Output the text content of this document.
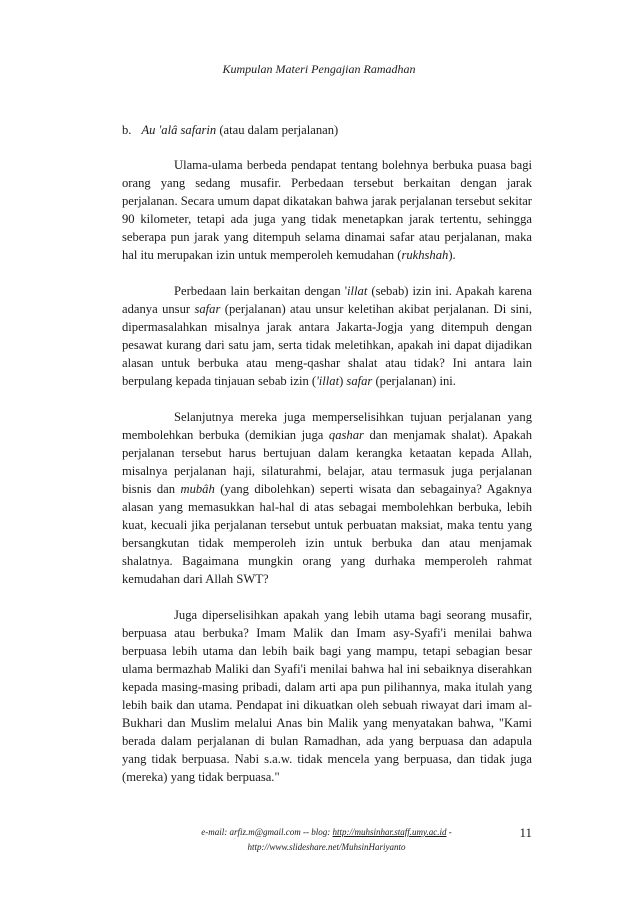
Kumpulan Materi Pengajian Ramadhan
b. Au 'alâ safarin (atau dalam perjalanan)

Ulama-ulama berbeda pendapat tentang bolehnya berbuka puasa bagi orang yang sedang musafir. Perbedaan tersebut berkaitan dengan jarak perjalanan. Secara umum dapat dikatakan bahwa jarak perjalanan tersebut sekitar 90 kilometer, tetapi ada juga yang tidak menetapkan jarak tertentu, sehingga seberapa pun jarak yang ditempuh selama dinamai safar atau perjalanan, maka hal itu merupakan izin untuk memperoleh kemudahan (rukhshah).

Perbedaan lain berkaitan dengan 'illat (sebab) izin ini. Apakah karena adanya unsur safar (perjalanan) atau unsur keletihan akibat perjalanan. Di sini, dipermasalahkan misalnya jarak antara Jakarta-Jogja yang ditempuh dengan pesawat kurang dari satu jam, serta tidak meletihkan, apakah ini dapat dijadikan alasan untuk berbuka atau meng-qashar shalat atau tidak? Ini antara lain berpulang kepada tinjauan sebab izin ('illat) safar (perjalanan) ini.

Selanjutnya mereka juga memperselisihkan tujuan perjalanan yang membolehkan berbuka (demikian juga qashar dan menjamak shalat). Apakah perjalanan tersebut harus bertujuan dalam kerangka ketaatan kepada Allah, misalnya perjalanan haji, silaturahmi, belajar, atau termasuk juga perjalanan bisnis dan mubâh (yang dibolehkan) seperti wisata dan sebagainya? Agaknya alasan yang memasukkan hal-hal di atas sebagai membolehkan berbuka, lebih kuat, kecuali jika perjalanan tersebut untuk perbuatan maksiat, maka tentu yang bersangkutan tidak memperoleh izin untuk berbuka dan atau menjamak shalatnya. Bagaimana mungkin orang yang durhaka memperoleh rahmat kemudahan dari Allah SWT?

Juga diperselisihkan apakah yang lebih utama bagi seorang musafir, berpuasa atau berbuka? Imam Malik dan Imam asy-Syafi'i menilai bahwa berpuasa lebih utama dan lebih baik bagi yang mampu, tetapi sebagian besar ulama bermazhab Maliki dan Syafi'i menilai bahwa hal ini sebaiknya diserahkan kepada masing-masing pribadi, dalam arti apa pun pilihannya, maka itulah yang lebih baik dan utama. Pendapat ini dikuatkan oleh sebuah riwayat dari imam al-Bukhari dan Muslim melalui Anas bin Malik yang menyatakan bahwa, "Kami berada dalam perjalanan di bulan Ramadhan, ada yang berpuasa dan adapula yang tidak berpuasa. Nabi s.a.w. tidak mencela yang berpuasa, dan tidak juga (mereka) yang tidak berpuasa."

e-mail: arfiz.m@gmail.com -- blog: http://muhsinhar.staff.umy.ac.id -
http://www.slideshare.net/MuhsinHariyanto
11
